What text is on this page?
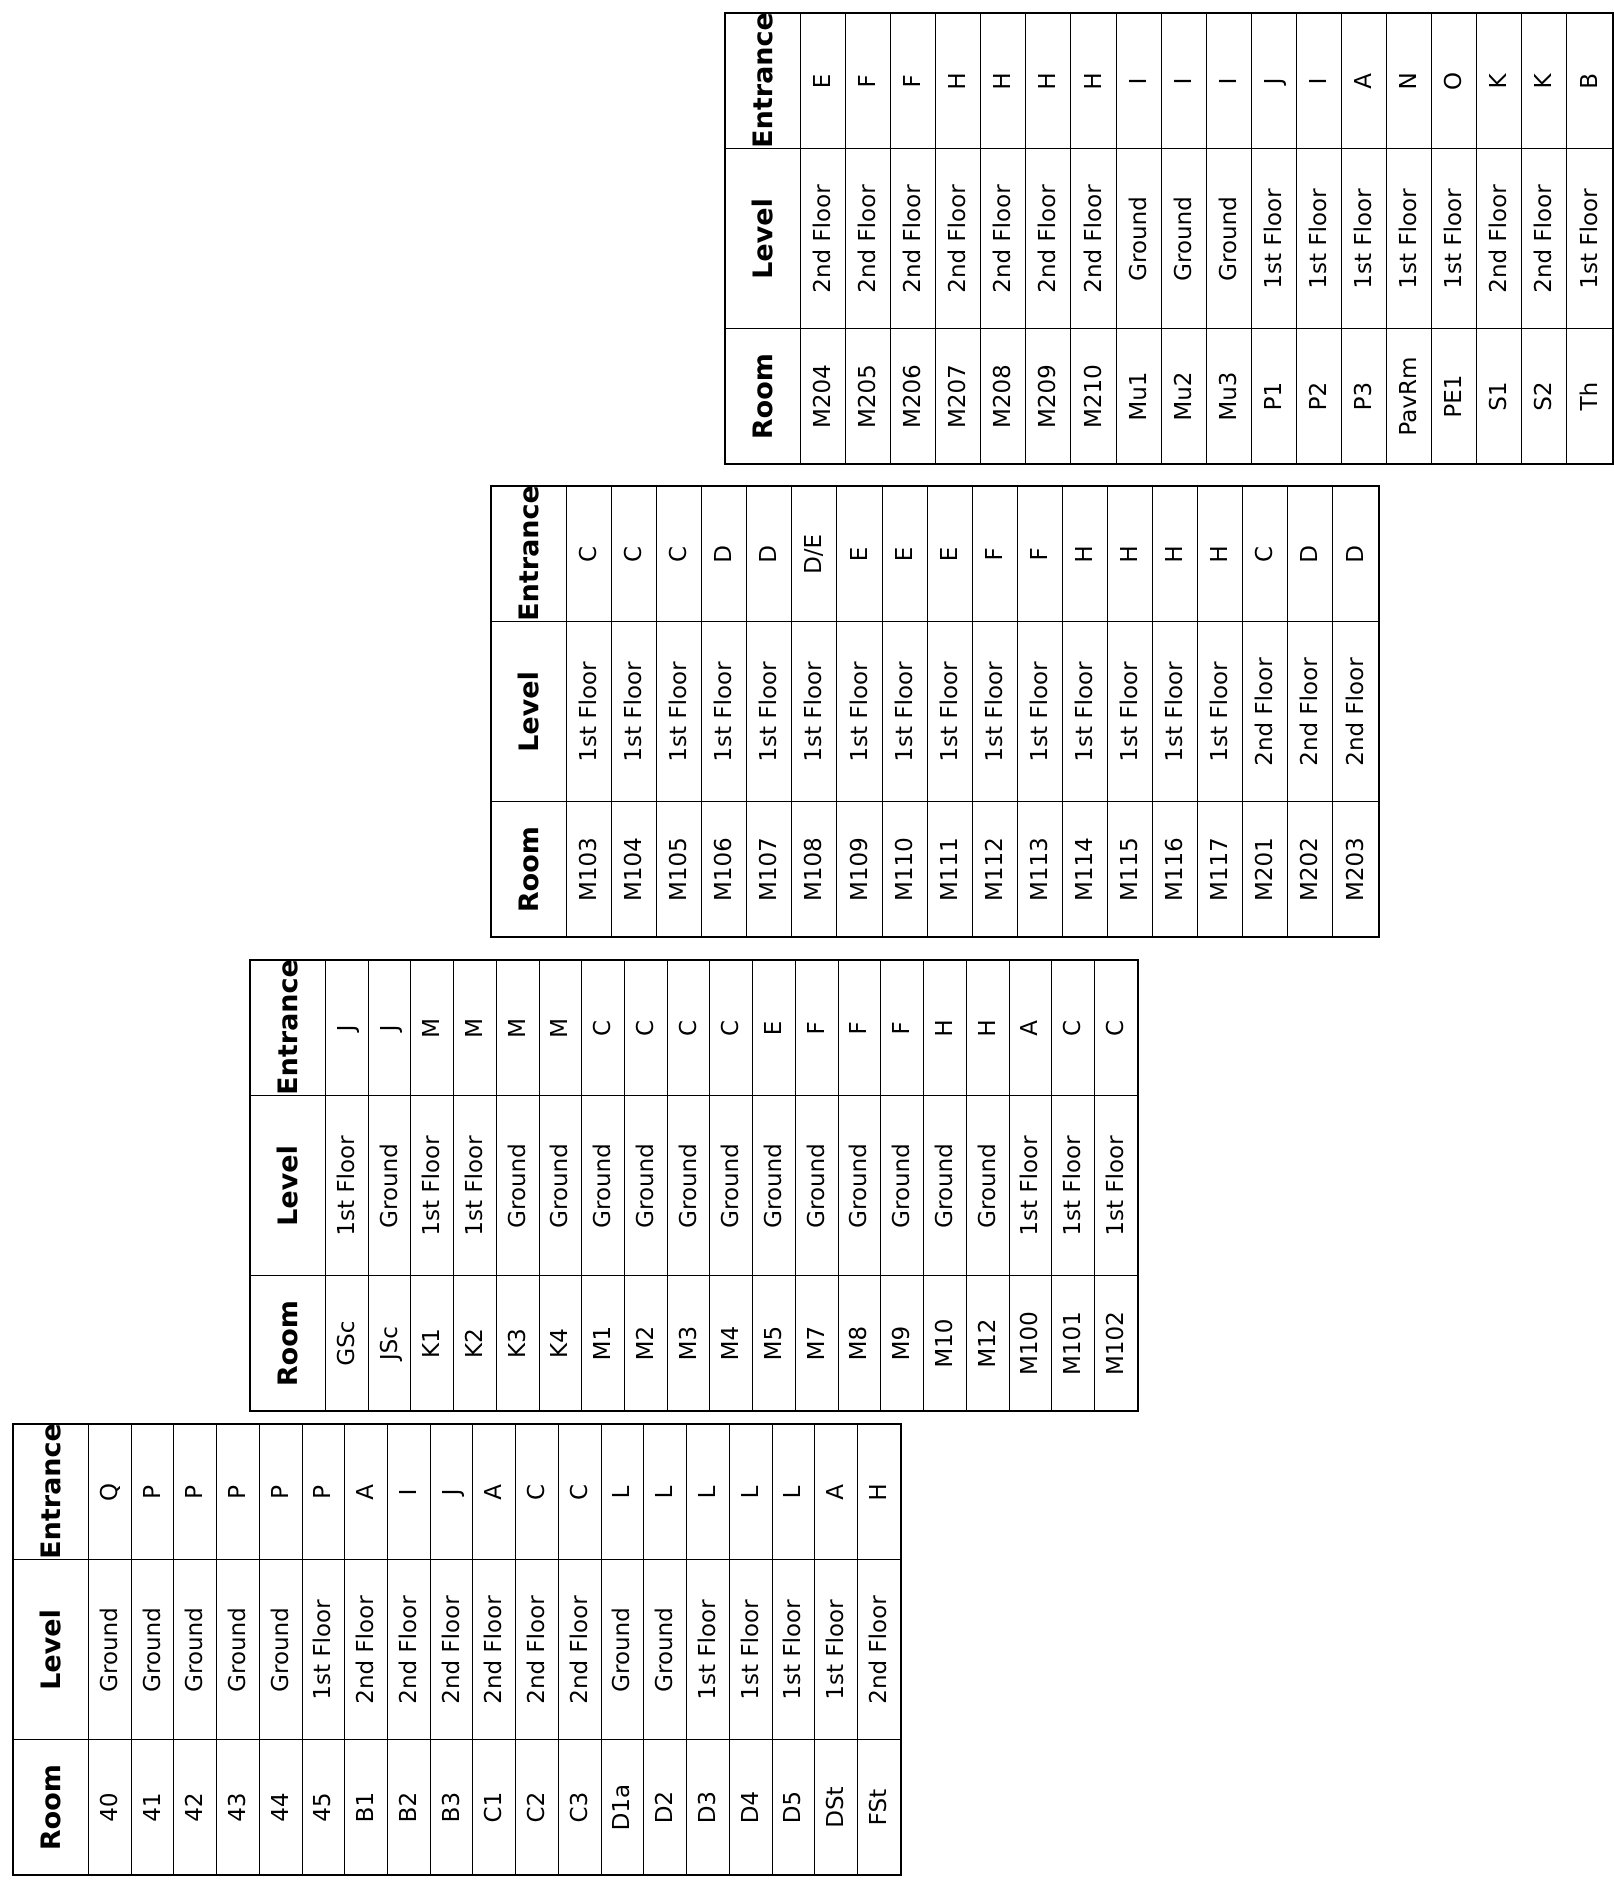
Room	Level	Entrance
40	Ground	Q
41	Ground	P
42	Ground	P
43	Ground	P
44	Ground	P
45	1st Floor	P
B1	2nd Floor	A
B2	2nd Floor	I
B3	2nd Floor	J
C1	2nd Floor	A
C2	2nd Floor	C
C3	2nd Floor	C
D1a	Ground	L
D2	Ground	L
D3	1st Floor	L
D4	1st Floor	L
D5	1st Floor	L
DSt	1st Floor	A
FSt	2nd Floor	H
Room	Level	Entrance
GSc	1st Floor	J
JSc	Ground	J
K1	1st Floor	M
K2	1st Floor	M
K3	Ground	M
K4	Ground	M
M1	Ground	C
M2	Ground	C
M3	Ground	C
M4	Ground	C
M5	Ground	E
M7	Ground	F
M8	Ground	F
M9	Ground	F
M10	Ground	H
M12	Ground	H
M100	1st Floor	A
M101	1st Floor	C
M102	1st Floor	C
Room	Level	Entrance
M103	1st Floor	C
M104	1st Floor	C
M105	1st Floor	C
M106	1st Floor	D
M107	1st Floor	D
M108	1st Floor	D/E
M109	1st Floor	E
M110	1st Floor	E
M111	1st Floor	E
M112	1st Floor	F
M113	1st Floor	F
M114	1st Floor	H
M115	1st Floor	H
M116	1st Floor	H
M117	1st Floor	H
M201	2nd Floor	C
M202	2nd Floor	D
M203	2nd Floor	D
Room	Level	Entrance
M204	2nd Floor	E
M205	2nd Floor	F
M206	2nd Floor	F
M207	2nd Floor	H
M208	2nd Floor	H
M209	2nd Floor	H
M210	2nd Floor	H
Mu1	Ground	I
Mu2	Ground	I
Mu3	Ground	I
P1	1st Floor	J
P2	1st Floor	I
P3	1st Floor	A
PavRm	1st Floor	N
PE1	1st Floor	O
S1	2nd Floor	K
S2	2nd Floor	K
Th	1st Floor	B
